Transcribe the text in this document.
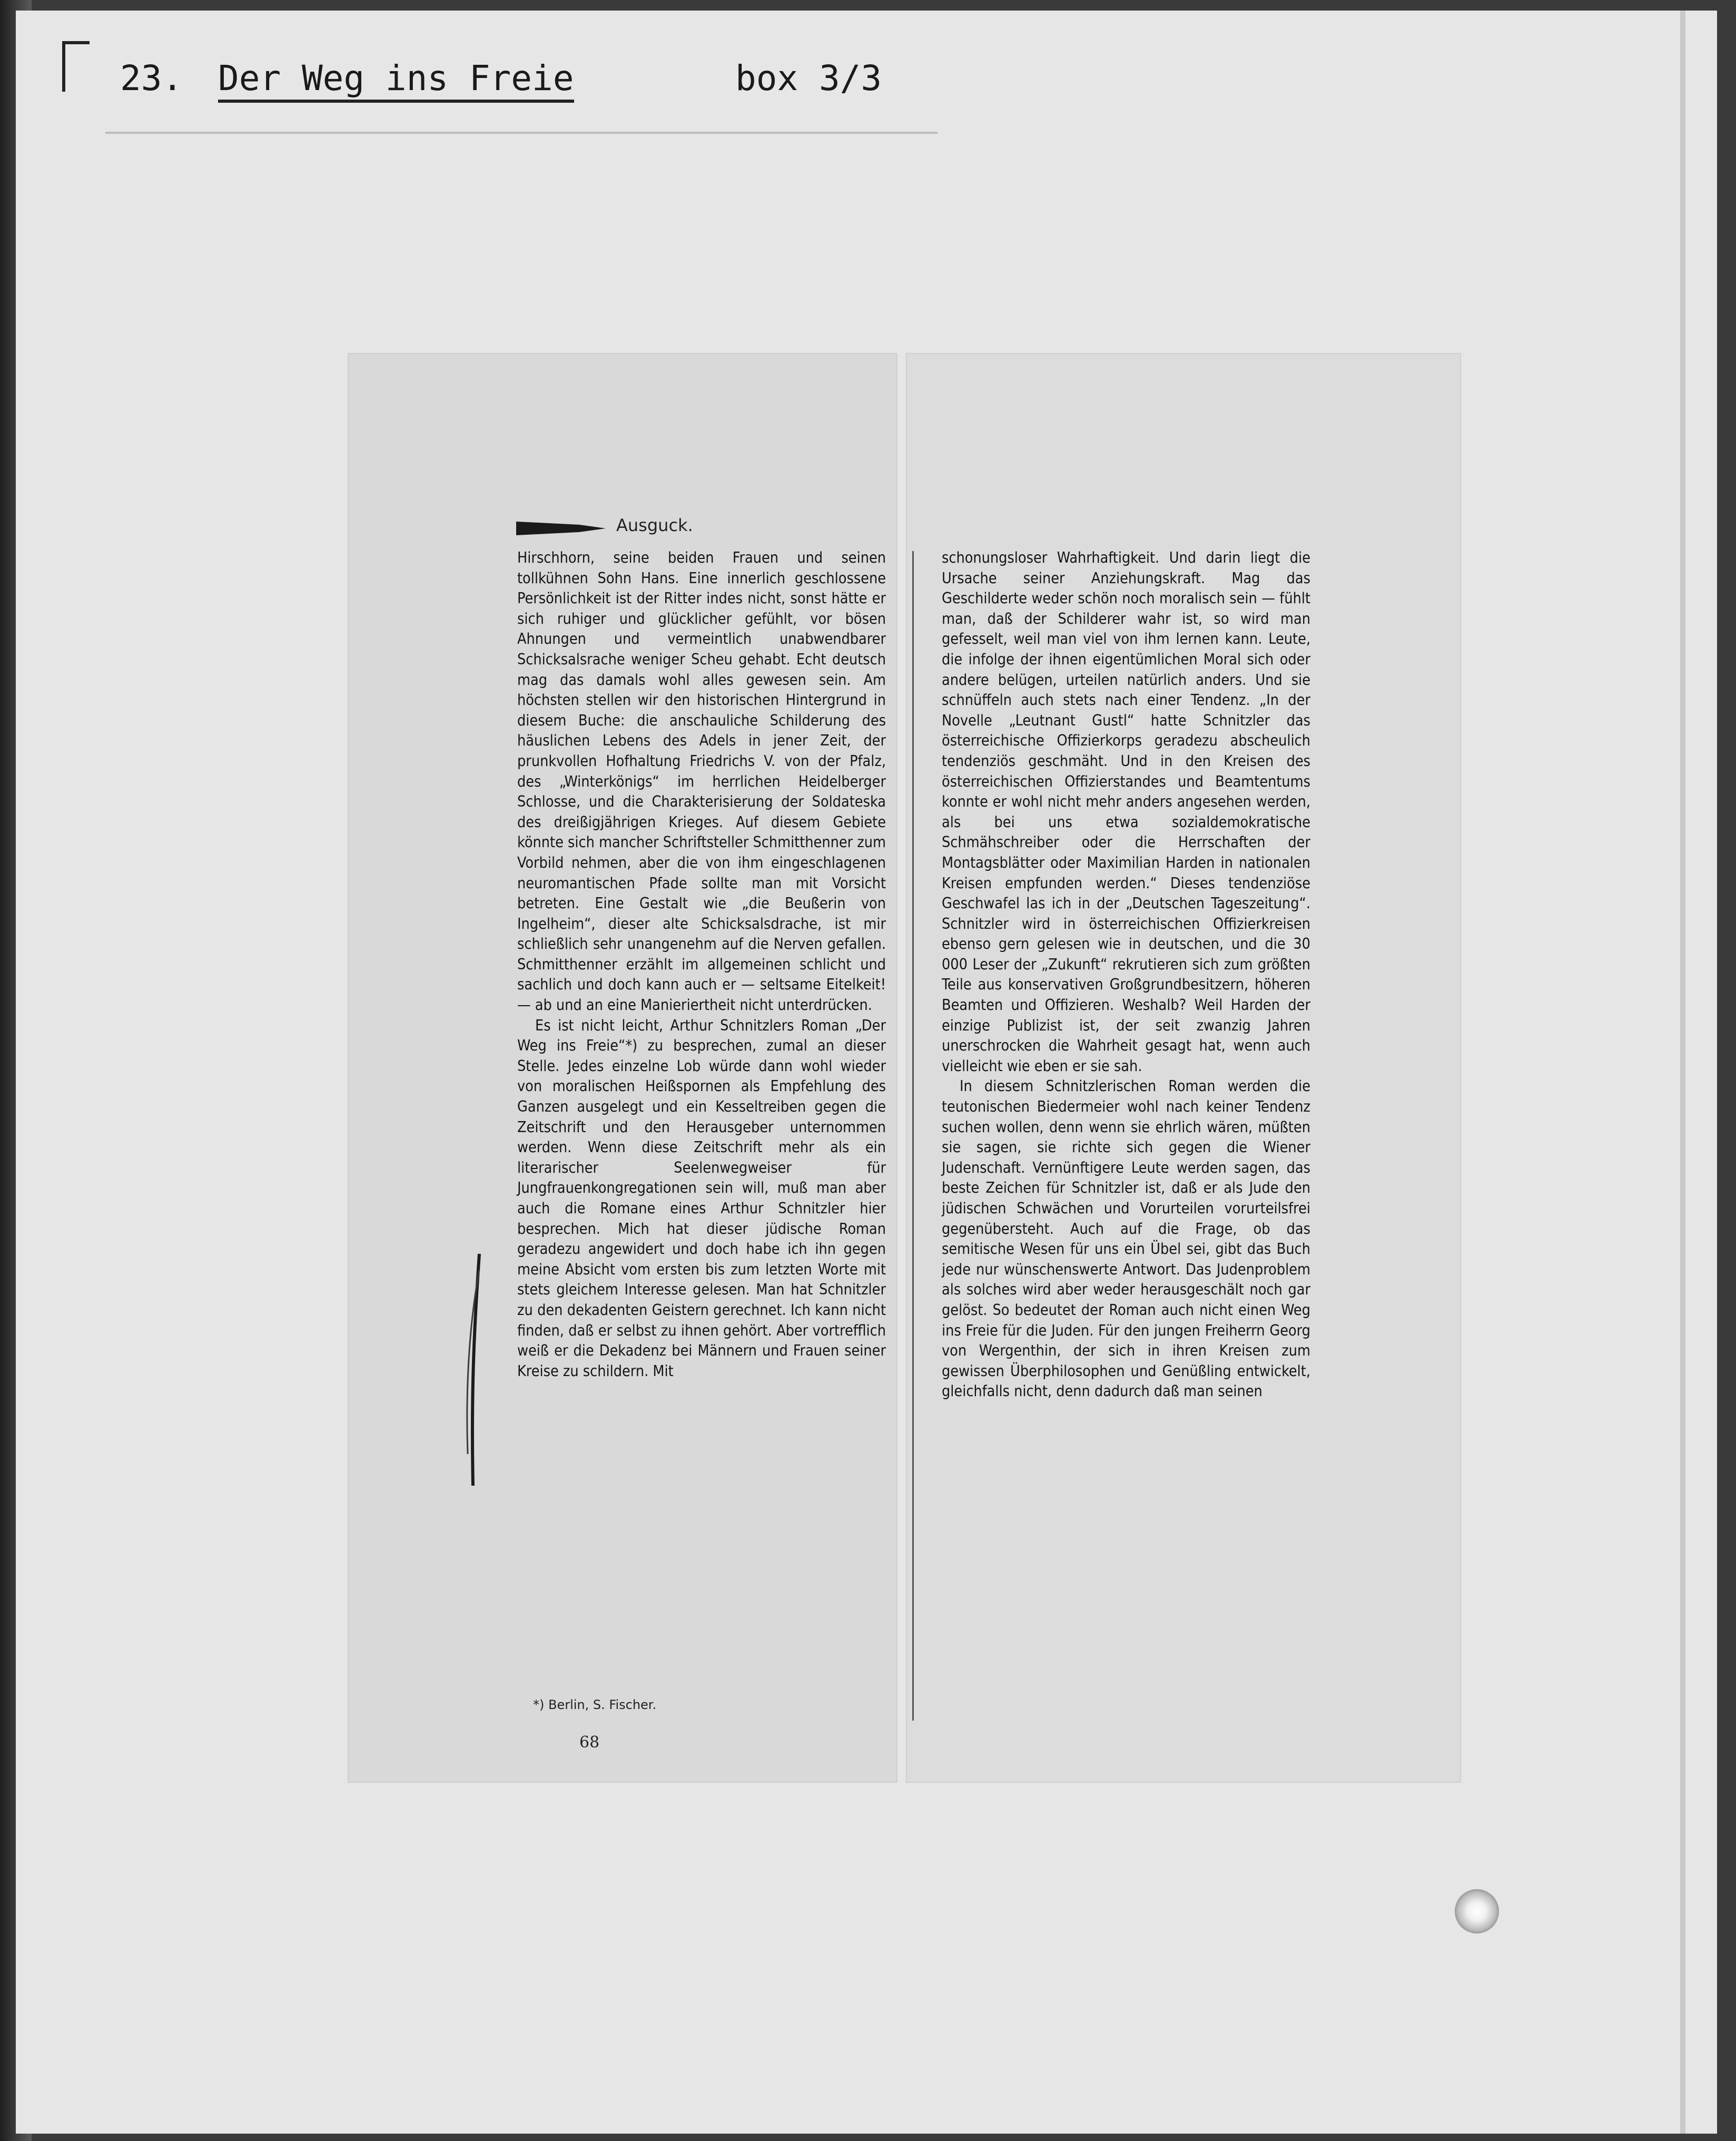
23. Der Weg ins Freie	box 3/3
Ausguck.

Hirschhorn, seine beiden Frauen und seinen tollkühnen Sohn Hans. Eine innerlich geschlossene Persönlichkeit ist der Ritter indes nicht, sonst hätte er sich ruhiger und glücklicher gefühlt, vor bösen Ahnungen und vermeintlich unabwendbarer Schicksalsrache weniger Scheu gehabt. Echt deutsch mag das damals wohl alles gewesen sein. Am höchsten stellen wir den historischen Hintergrund in diesem Buche: die anschauliche Schilderung des häuslichen Lebens des Adels in jener Zeit, der prunkvollen Hofhaltung Friedrichs V. von der Pfalz, des „Winterkönigs“ im herrlichen Heidelberger Schlosse, und die Charakterisierung der Soldateska des dreißigjährigen Krieges. Auf diesem Gebiete könnte sich mancher Schriftsteller Schmitthenner zum Vorbild nehmen, aber die von ihm eingeschlagenen neuromantischen Pfade sollte man mit Vorsicht betreten. Eine Gestalt wie „die Beußerin von Ingelheim“, dieser alte Schicksalsdrache, ist mir schließlich sehr unangenehm auf die Nerven gefallen. Schmitthenner erzählt im allgemeinen schlicht und sachlich und doch kann auch er — seltsame Eitelkeit! — ab und an eine Manieriertheit nicht unterdrücken.

Es ist nicht leicht, Arthur Schnitzlers Roman „Der Weg ins Freie“*) zu besprechen, zumal an dieser Stelle. Jedes einzelne Lob würde dann wohl wieder von moralischen Heißspornen als Empfehlung des Ganzen ausgelegt und ein Kesseltreiben gegen die Zeitschrift und den Herausgeber unternommen werden. Wenn diese Zeitschrift mehr als ein literarischer Seelenwegweiser für Jungfrauenkongregationen sein will, muß man aber auch die Romane eines Arthur Schnitzler hier besprechen. Mich hat dieser jüdische Roman geradezu angewidert und doch habe ich ihn gegen meine Absicht vom ersten bis zum letzten Worte mit stets gleichem Interesse gelesen. Man hat Schnitzler zu den dekadenten Geistern gerechnet. Ich kann nicht finden, daß er selbst zu ihnen gehört. Aber vortrefflich weiß er die Dekadenz bei Männern und Frauen seiner Kreise zu schildern. Mit

schonungsloser Wahrhaftigkeit. Und darin liegt die Ursache seiner Anziehungskraft. Mag das Geschilderte weder schön noch moralisch sein — fühlt man, daß der Schilderer wahr ist, so wird man gefesselt, weil man viel von ihm lernen kann. Leute, die infolge der ihnen eigentümlichen Moral sich oder andere belügen, urteilen natürlich anders. Und sie schnüffeln auch stets nach einer Tendenz. „In der Novelle „Leutnant Gustl“ hatte Schnitzler das österreichische Offizierkorps geradezu abscheulich tendenziös geschmäht. Und in den Kreisen des österreichischen Offizierstandes und Beamtentums konnte er wohl nicht mehr anders angesehen werden, als bei uns etwa sozialdemokratische Schmähschreiber oder die Herrschaften der Montagsblätter oder Maximilian Harden in nationalen Kreisen empfunden werden.“ Dieses tendenziöse Geschwafel las ich in der „Deutschen Tageszeitung“. Schnitzler wird in österreichischen Offizierkreisen ebenso gern gelesen wie in deutschen, und die 30 000 Leser der „Zukunft“ rekrutieren sich zum größten Teile aus konservativen Großgrundbesitzern, höheren Beamten und Offizieren. Weshalb? Weil Harden der einzige Publizist ist, der seit zwanzig Jahren unerschrocken die Wahrheit gesagt hat, wenn auch vielleicht wie eben er sie sah.

In diesem Schnitzlerischen Roman werden die teutonischen Biedermeier wohl nach keiner Tendenz suchen wollen, denn wenn sie ehrlich wären, müßten sie sagen, sie richte sich gegen die Wiener Judenschaft. Vernünftigere Leute werden sagen, das beste Zeichen für Schnitzler ist, daß er als Jude den jüdischen Schwächen und Vorurteilen vorurteilsfrei gegenübersteht. Auch auf die Frage, ob das semitische Wesen für uns ein Übel sei, gibt das Buch jede nur wünschenswerte Antwort. Das Judenproblem als solches wird aber weder herausgeschält noch gar gelöst. So bedeutet der Roman auch nicht einen Weg ins Freie für die Juden. Für den jungen Freiherrn Georg von Wergenthin, der sich in ihren Kreisen zum gewissen Überphilosophen und Genüßling entwickelt, gleichfalls nicht, denn dadurch daß man seinen

*) Berlin, S. Fischer.
68
